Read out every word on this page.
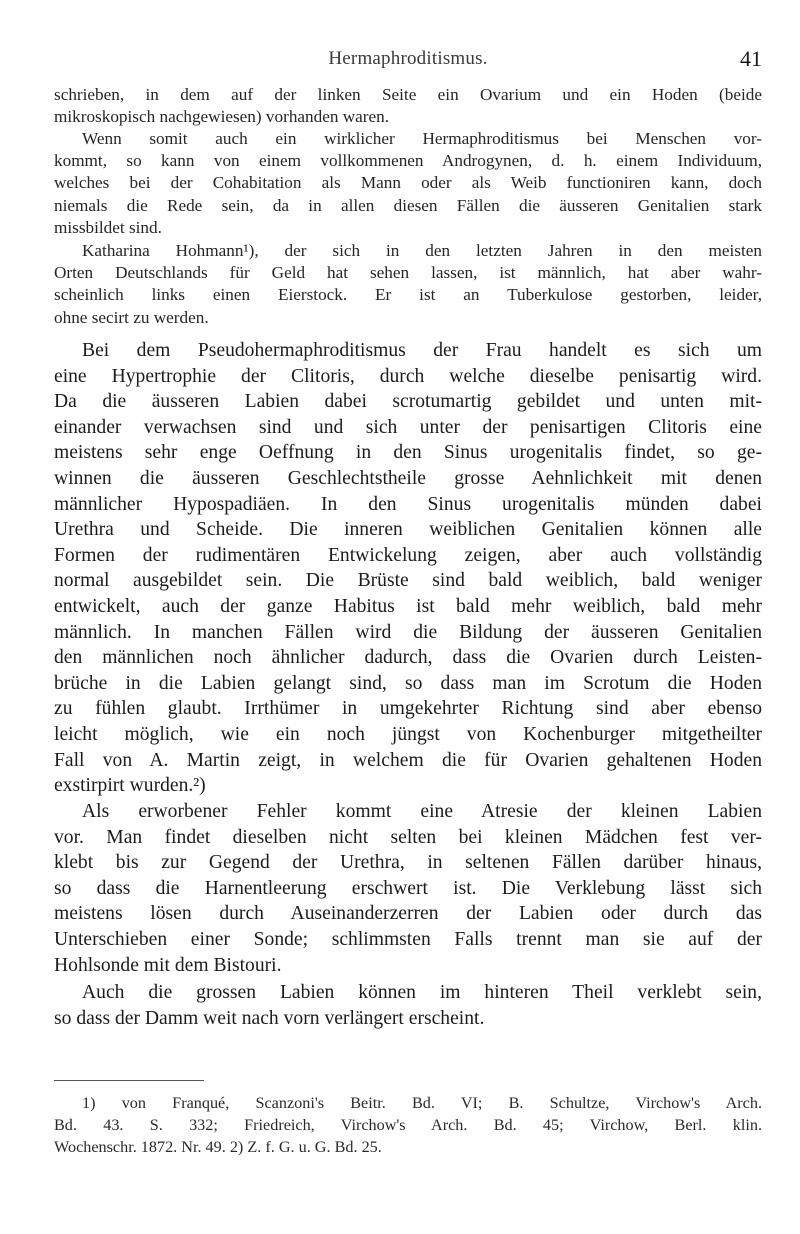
Hermaphroditismus.	41
schrieben, in dem auf der linken Seite ein Ovarium und ein Hoden (beide
mikroskopisch nachgewiesen) vorhanden waren.
Wenn somit auch ein wirklicher Hermaphroditismus bei Menschen vor-
kommt, so kann von einem vollkommenen Androgynen, d. h. einem Individuum,
welches bei der Cohabitation als Mann oder als Weib functioniren kann, doch
niemals die Rede sein, da in allen diesen Fällen die äusseren Genitalien stark
missbildet sind.
Katharina Hohmann¹), der sich in den letzten Jahren in den meisten
Orten Deutschlands für Geld hat sehen lassen, ist männlich, hat aber wahr-
scheinlich links einen Eierstock. Er ist an Tuberkulose gestorben, leider,
ohne secirt zu werden.
Bei dem Pseudohermaphroditismus der Frau handelt es sich um
eine Hypertrophie der Clitoris, durch welche dieselbe penisartig wird.
Da die äusseren Labien dabei scrotumartig gebildet und unten mit-
einander verwachsen sind und sich unter der penisartigen Clitoris eine
meistens sehr enge Oeffnung in den Sinus urogenitalis findet, so ge-
winnen die äusseren Geschlechtstheile grosse Aehnlichkeit mit denen
männlicher Hypospadiäen. In den Sinus urogenitalis münden dabei
Urethra und Scheide. Die inneren weiblichen Genitalien können alle
Formen der rudimentären Entwickelung zeigen, aber auch vollständig
normal ausgebildet sein. Die Brüste sind bald weiblich, bald weniger
entwickelt, auch der ganze Habitus ist bald mehr weiblich, bald mehr
männlich. In manchen Fällen wird die Bildung der äusseren Genitalien
den männlichen noch ähnlicher dadurch, dass die Ovarien durch Leisten-
brüche in die Labien gelangt sind, so dass man im Scrotum die Hoden
zu fühlen glaubt. Irrthümer in umgekehrter Richtung sind aber ebenso
leicht möglich, wie ein noch jüngst von Kochenburger mitgetheilter
Fall von A. Martin zeigt, in welchem die für Ovarien gehaltenen Hoden
exstirpirt wurden.²)
Als erworbener Fehler kommt eine Atresie der kleinen Labien
vor. Man findet dieselben nicht selten bei kleinen Mädchen fest ver-
klebt bis zur Gegend der Urethra, in seltenen Fällen darüber hinaus,
so dass die Harnentleerung erschwert ist. Die Verklebung lässt sich
meistens lösen durch Auseinanderzerren der Labien oder durch das
Unterschieben einer Sonde; schlimmsten Falls trennt man sie auf der
Hohlsonde mit dem Bistouri.
Auch die grossen Labien können im hinteren Theil verklebt sein,
so dass der Damm weit nach vorn verlängert erscheint.
1) von Franqué, Scanzoni's Beitr. Bd. VI; B. Schultze, Virchow's Arch.
Bd. 43. S. 332; Friedreich, Virchow's Arch. Bd. 45; Virchow, Berl. klin.
Wochenschr. 1872. Nr. 49. 2) Z. f. G. u. G. Bd. 25.
